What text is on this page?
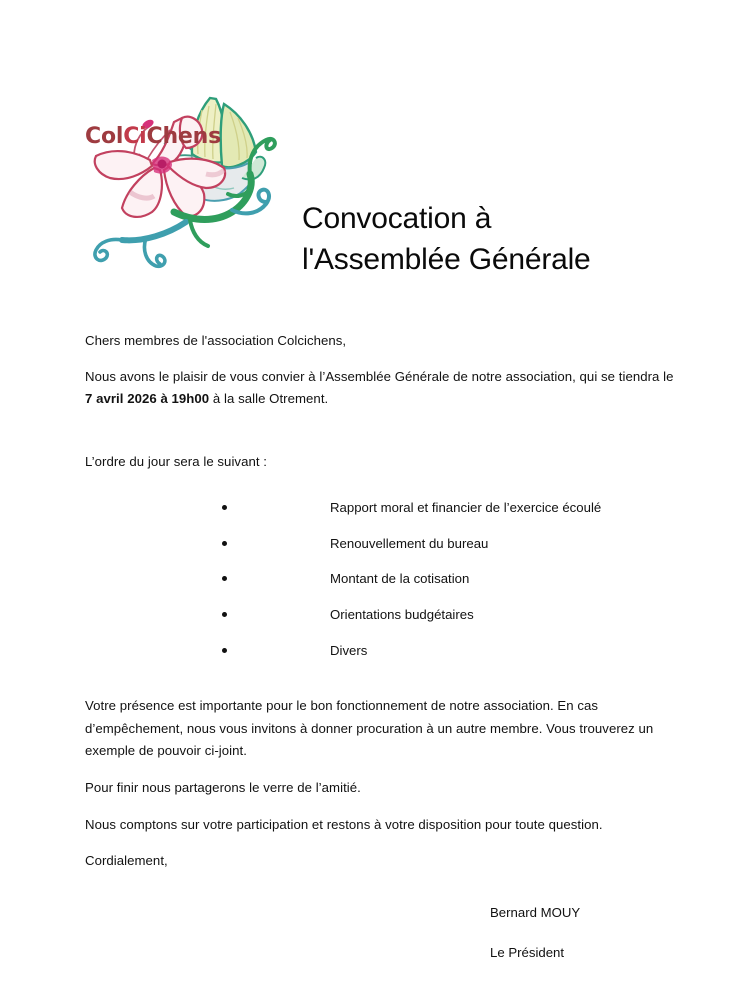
ColCiChens
Convocation à
l'Assemblée Générale

Chers membres de l'association Colcichens,

Nous avons le plaisir de vous convier à l’Assemblée Générale de notre association, qui se tiendra le 7 avril 2026 à 19h00 à la salle Otrement.

L’ordre du jour sera le suivant :

Rapport moral et financier de l’exercice écoulé
Renouvellement du bureau
Montant de la cotisation
Orientations budgétaires
Divers

Votre présence est importante pour le bon fonctionnement de notre association. En cas d’empêchement, nous vous invitons à donner procuration à un autre membre. Vous trouverez un exemple de pouvoir ci-joint.

Pour finir nous partagerons le verre de l’amitié.

Nous comptons sur votre participation et restons à votre disposition pour toute question.

Cordialement,

Bernard MOUY

Le Président
